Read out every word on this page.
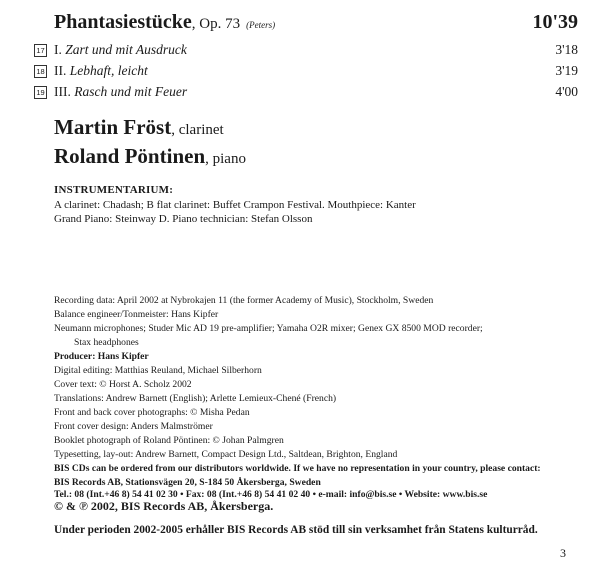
Phantasiestücke, Op. 73 (Peters)	10'39
17 I. Zart und mit Ausdruck	3'18
18 II. Lebhaft, leicht	3'19
19 III. Rasch und mit Feuer	4'00
Martin Fröst, clarinet
Roland Pöntinen, piano
INSTRUMENTARIUM:
A clarinet: Chadash; B flat clarinet: Buffet Crampon Festival. Mouthpiece: Kanter
Grand Piano: Steinway D. Piano technician: Stefan Olsson
Recording data: April 2002 at Nybrokajen 11 (the former Academy of Music), Stockholm, Sweden
Balance engineer/Tonmeister: Hans Kipfer
Neumann microphones; Studer Mic AD 19 pre-amplifier; Yamaha O2R mixer; Genex GX 8500 MOD recorder;
Stax headphones
Producer: Hans Kipfer
Digital editing: Matthias Reuland, Michael Silberhorn
Cover text: © Horst A. Scholz 2002
Translations: Andrew Barnett (English); Arlette Lemieux-Chené (French)
Front and back cover photographs: © Misha Pedan
Front cover design: Anders Malmströmer
Booklet photograph of Roland Pöntinen: © Johan Palmgren
Typesetting, lay-out: Andrew Barnett, Compact Design Ltd., Saltdean, Brighton, England
BIS CDs can be ordered from our distributors worldwide. If we have no representation in your country, please contact:
BIS Records AB, Stationsvägen 20, S-184 50 Åkersberga, Sweden
Tel.: 08 (Int.+46 8) 54 41 02 30 • Fax: 08 (Int.+46 8) 54 41 02 40 • e-mail: info@bis.se • Website: www.bis.se
© & ℗ 2002, BIS Records AB, Åkersberga.
Under perioden 2002-2005 erhåller BIS Records AB stöd till sin verksamhet från Statens kulturråd.
3
